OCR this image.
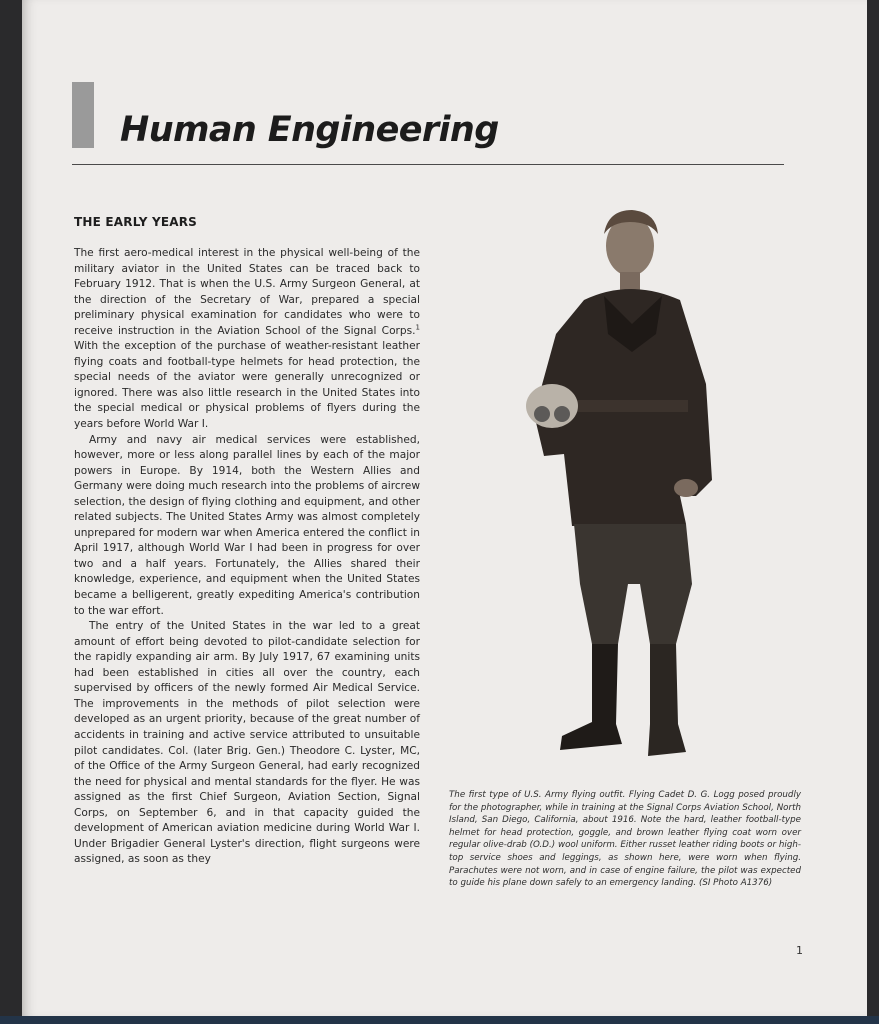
Human Engineering
THE EARLY YEARS

The first aero-medical interest in the physical well-being of the military aviator in the United States can be traced back to February 1912. That is when the U.S. Army Surgeon General, at the direction of the Secretary of War, prepared a special preliminary physical examination for candidates who were to receive instruction in the Aviation School of the Signal Corps.$^1$ With the exception of the purchase of weather-resistant leather flying coats and football-type helmets for head protection, the special needs of the aviator were generally unrecognized or ignored. There was also little research in the United States into the special medical or physical problems of flyers during the years before World War I.

Army and navy air medical services were established, however, more or less along parallel lines by each of the major powers in Europe. By 1914, both the Western Allies and Germany were doing much research into the problems of aircrew selection, the design of flying clothing and equipment, and other related subjects. The United States Army was almost completely unprepared for modern war when America entered the conflict in April 1917, although World War I had been in progress for over two and a half years. Fortunately, the Allies shared their knowledge, experience, and equipment when the United States became a belligerent, greatly expediting America's contribution to the war effort.

The entry of the United States in the war led to a great amount of effort being devoted to pilot-candidate selection for the rapidly expanding air arm. By July 1917, 67 examining units had been established in cities all over the country, each supervised by officers of the newly formed Air Medical Service. The improvements in the methods of pilot selection were developed as an urgent priority, because of the great number of accidents in training and active service attributed to unsuitable pilot candidates. Col. (later Brig. Gen.) Theodore C. Lyster, MC, of the Office of the Army Surgeon General, had early recognized the need for physical and mental standards for the flyer. He was assigned as the first Chief Surgeon, Aviation Section, Signal Corps, on September 6, and in that capacity guided the development of American aviation medicine during World War I. Under Brigadier General Lyster's direction, flight surgeons were assigned, as soon as they

The first type of U.S. Army flying outfit. Flying Cadet D. G. Logg posed proudly for the photographer, while in training at the Signal Corps Aviation School, North Island, San Diego, California, about 1916. Note the hard, leather football-type helmet for head protection, goggle, and brown leather flying coat worn over regular olive-drab (O.D.) wool uniform. Either russet leather riding boots or high-top service shoes and leggings, as shown here, were worn when flying. Parachutes were not worn, and in case of engine failure, the pilot was expected to guide his plane down safely to an emergency landing. (SI Photo A1376)
1
